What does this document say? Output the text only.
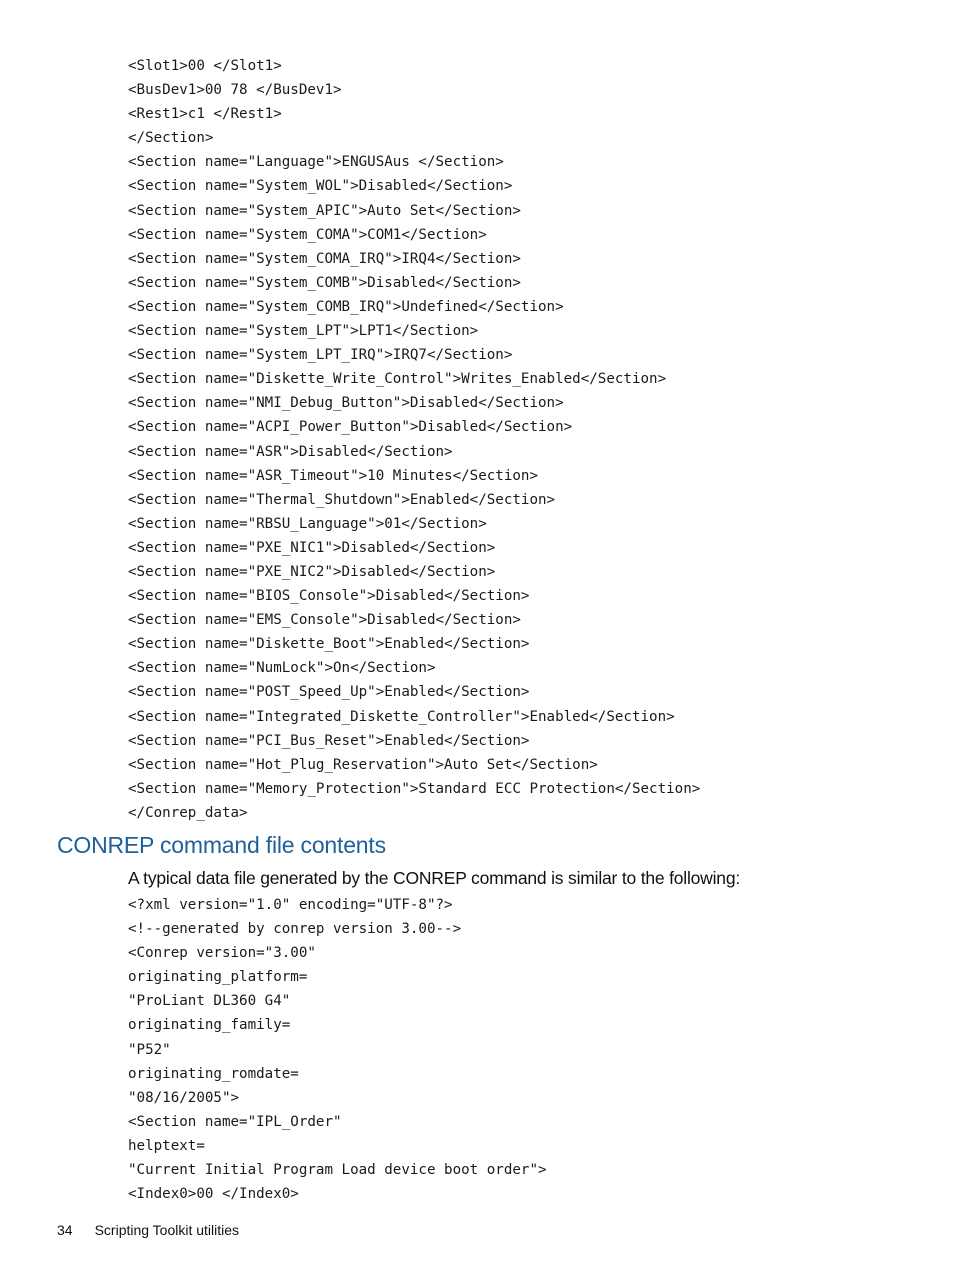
<Slot1>00 </Slot1>
<BusDev1>00 78 </BusDev1>
<Rest1>c1 </Rest1>
</Section>
<Section name="Language">ENGUSAus </Section>
<Section name="System_WOL">Disabled</Section>
<Section name="System_APIC">Auto Set</Section>
<Section name="System_COMA">COM1</Section>
<Section name="System_COMA_IRQ">IRQ4</Section>
<Section name="System_COMB">Disabled</Section>
<Section name="System_COMB_IRQ">Undefined</Section>
<Section name="System_LPT">LPT1</Section>
<Section name="System_LPT_IRQ">IRQ7</Section>
<Section name="Diskette_Write_Control">Writes_Enabled</Section>
<Section name="NMI_Debug_Button">Disabled</Section>
<Section name="ACPI_Power_Button">Disabled</Section>
<Section name="ASR">Disabled</Section>
<Section name="ASR_Timeout">10 Minutes</Section>
<Section name="Thermal_Shutdown">Enabled</Section>
<Section name="RBSU_Language">01</Section>
<Section name="PXE_NIC1">Disabled</Section>
<Section name="PXE_NIC2">Disabled</Section>
<Section name="BIOS_Console">Disabled</Section>
<Section name="EMS_Console">Disabled</Section>
<Section name="Diskette_Boot">Enabled</Section>
<Section name="NumLock">On</Section>
<Section name="POST_Speed_Up">Enabled</Section>
<Section name="Integrated_Diskette_Controller">Enabled</Section>
<Section name="PCI_Bus_Reset">Enabled</Section>
<Section name="Hot_Plug_Reservation">Auto Set</Section>
<Section name="Memory_Protection">Standard ECC Protection</Section>
</Conrep_data>
CONREP command file contents

A typical data file generated by the CONREP command is similar to the following:

<?xml version="1.0" encoding="UTF-8"?>
<!--generated by conrep version 3.00-->
<Conrep version="3.00"
originating_platform=
"ProLiant DL360 G4"
originating_family=
"P52"
originating_romdate=
"08/16/2005">
<Section name="IPL_Order"
helptext=
"Current Initial Program Load device boot order">
<Index0>00 </Index0>
34 Scripting Toolkit utilities
